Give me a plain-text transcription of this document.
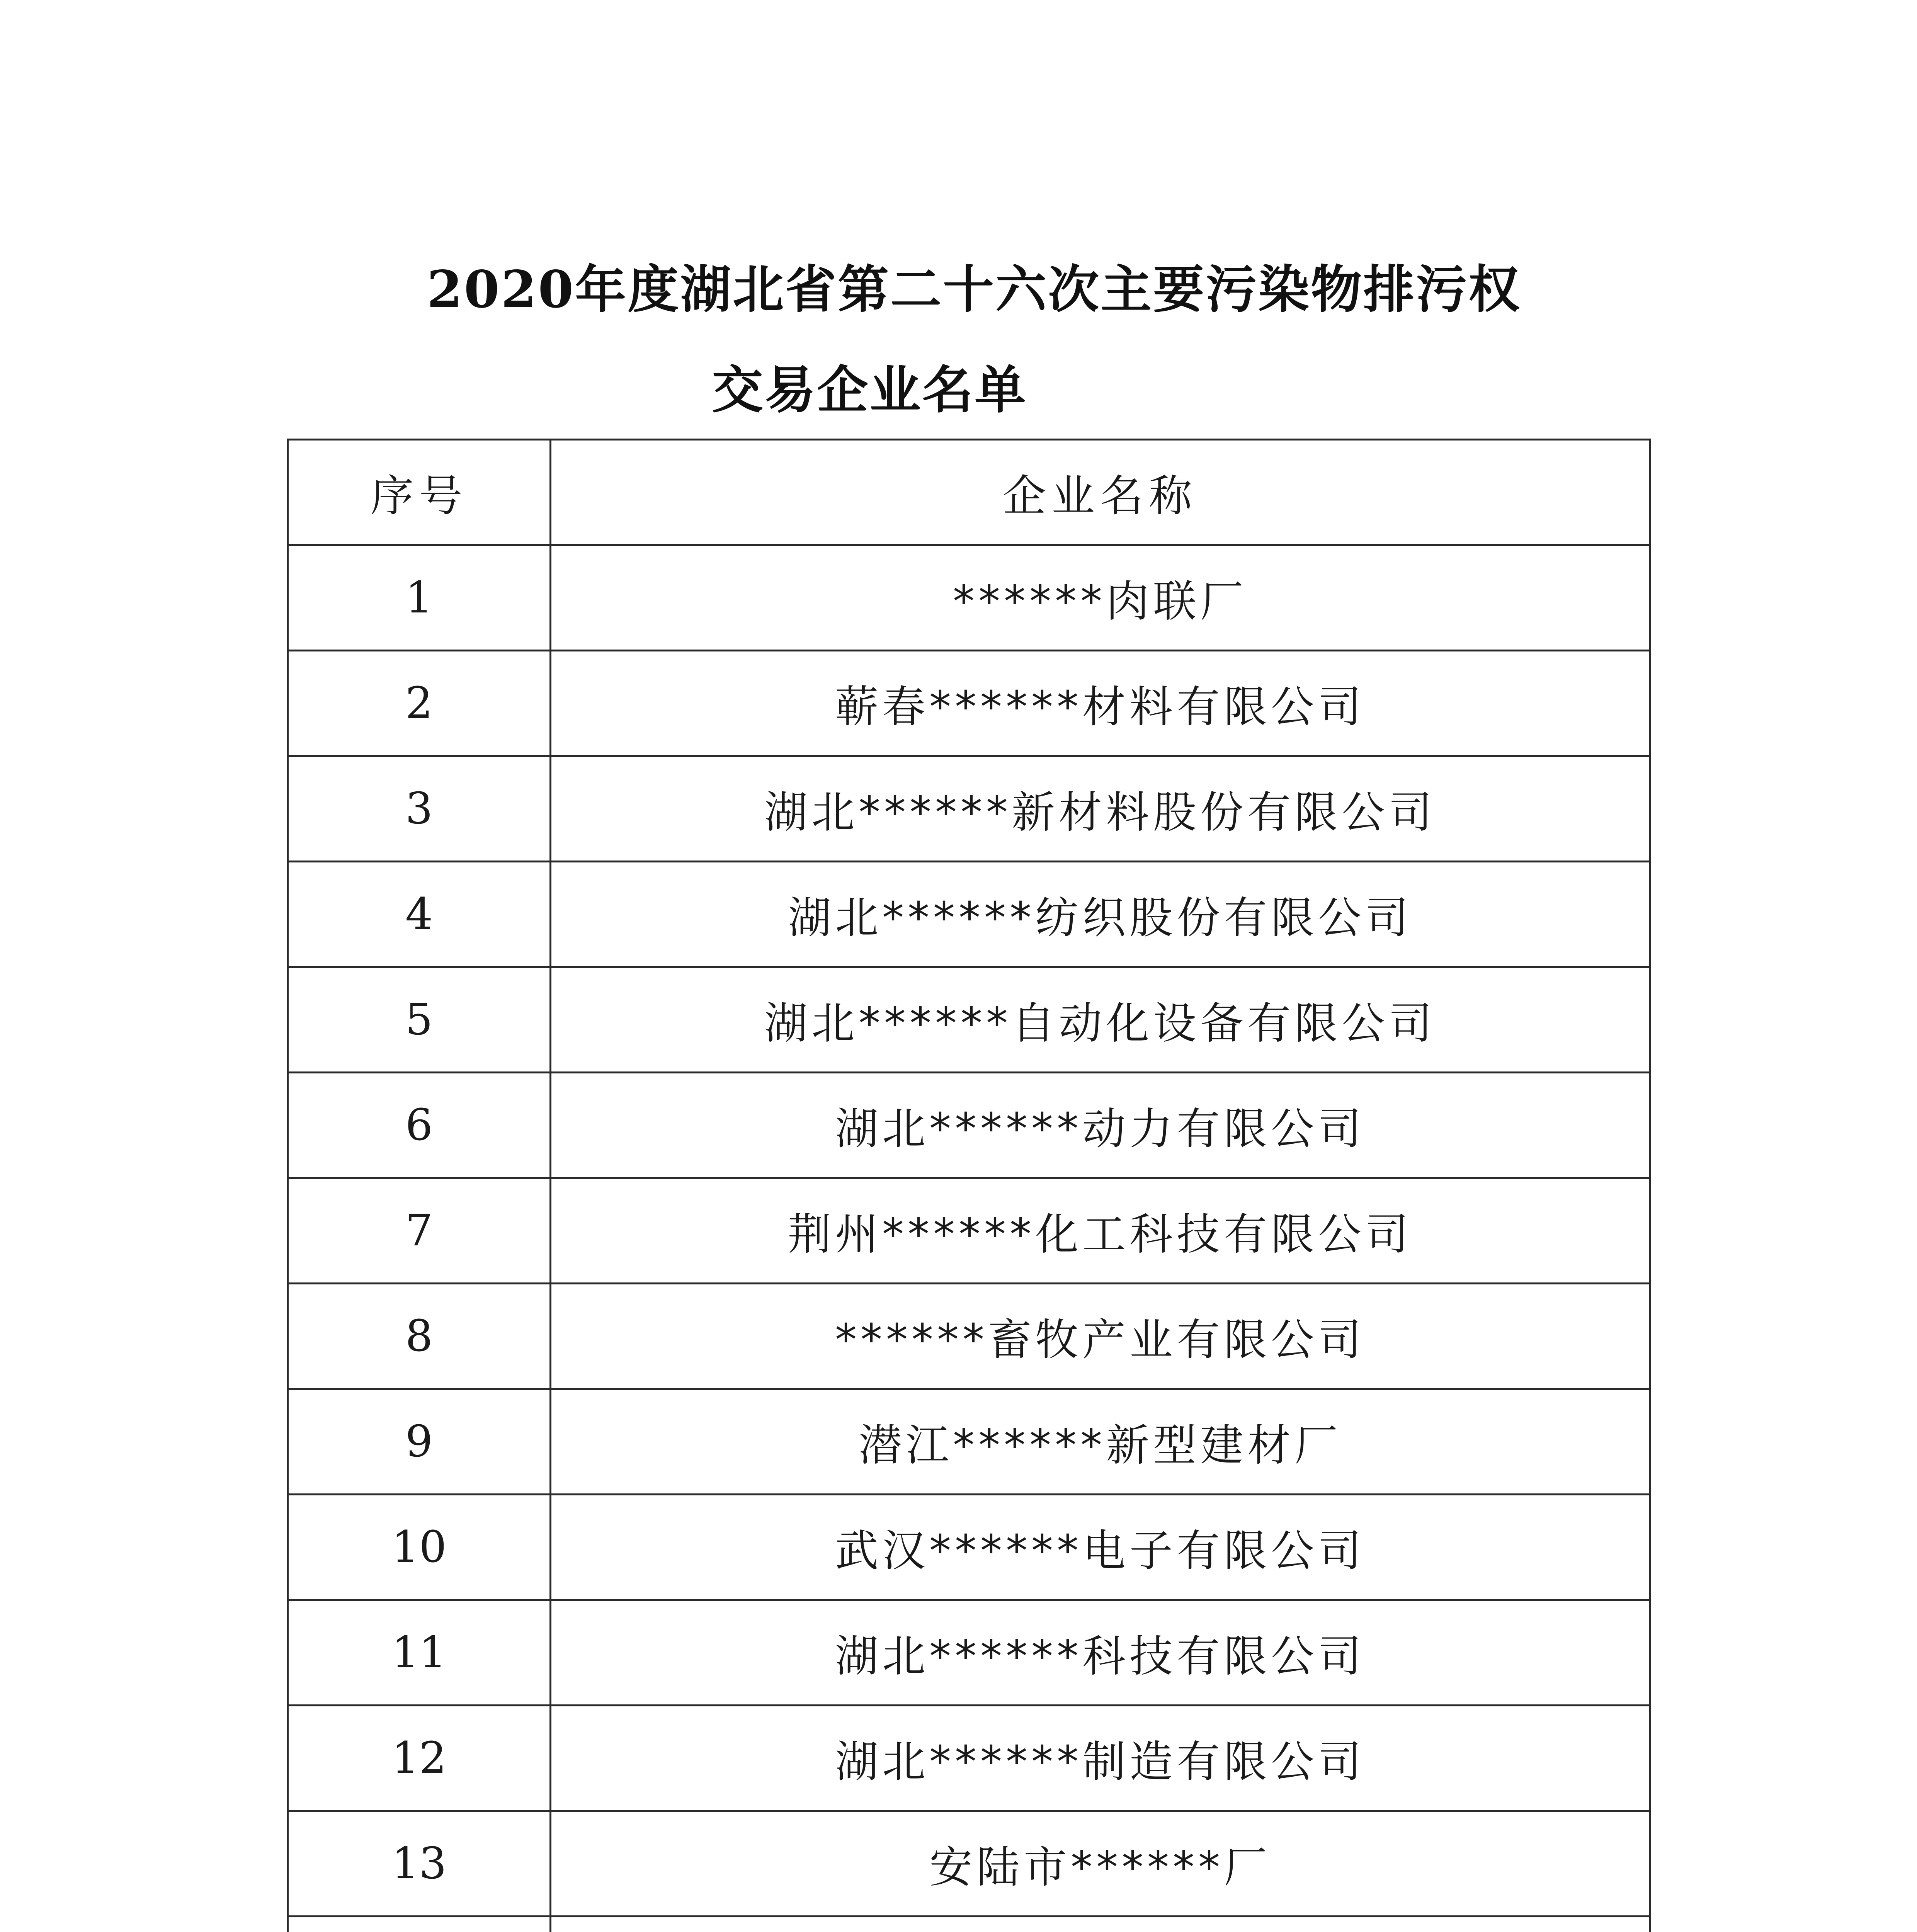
2020年度湖北省第二十六次主要污染物排污权
交易企业名单
序号	企业名称
1	******肉联厂
2	蕲春******材料有限公司
3	湖北******新材料股份有限公司
4	湖北******纺织股份有限公司
5	湖北******自动化设备有限公司
6	湖北******动力有限公司
7	荆州******化工科技有限公司
8	******畜牧产业有限公司
9	潜江******新型建材厂
10	武汉******电子有限公司
11	湖北******科技有限公司
12	湖北******制造有限公司
13	安陆市******厂
